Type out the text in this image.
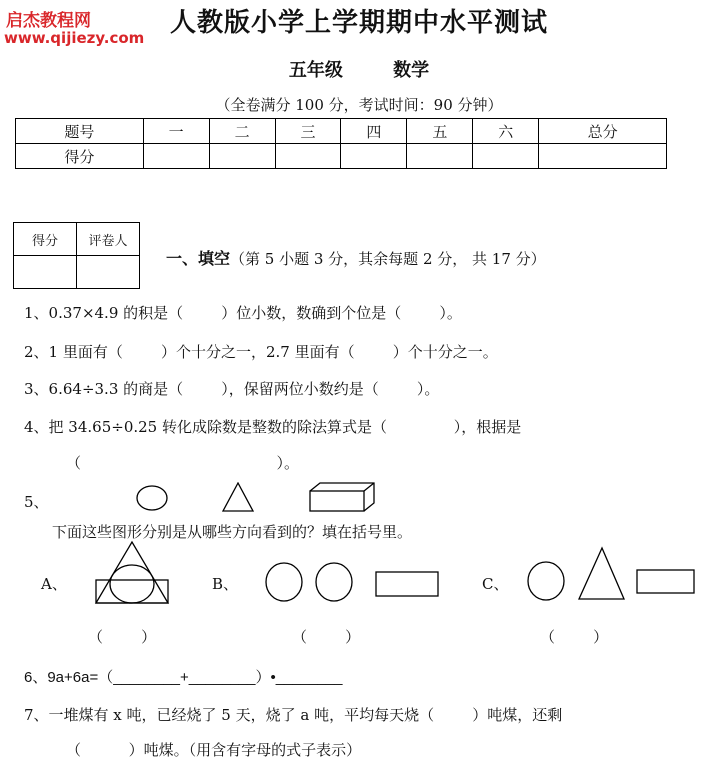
启杰教程网
www.qijiezy.com 人教版小学上学期期中水平测试
五年级	数学
（全卷满分 100 分，考试时间：90 分钟）
题号	一	二	三	四	五	六	总分
得分							
得分	评卷人

一、填空（第 5 小题 3 分，其余每题 2 分， 共 17 分）
1、0.37×4.9 的积是（        ）位小数，数确到个位是（        ）。
2、1 里面有（        ）个十分之一，2.7 里面有（        ）个十分之一。
3、6.64÷3.3 的商是（        ），保留两位小数约是（        ）。
4、把 34.65÷0.25 转化成除数是整数的除法算式是（              ），根据是
（                                         ）。
5、
下面这些图形分别是从哪些方向看到的？填在括号里。
A、	B、	C、
（        ）	（        ）	（        ）
6、9a+6a=（________+________）•________
7、一堆煤有 x 吨，已经烧了 5 天，烧了 a 吨，平均每天烧（        ）吨煤，还剩
（          ）吨煤。（用含有字母的式子表示）
